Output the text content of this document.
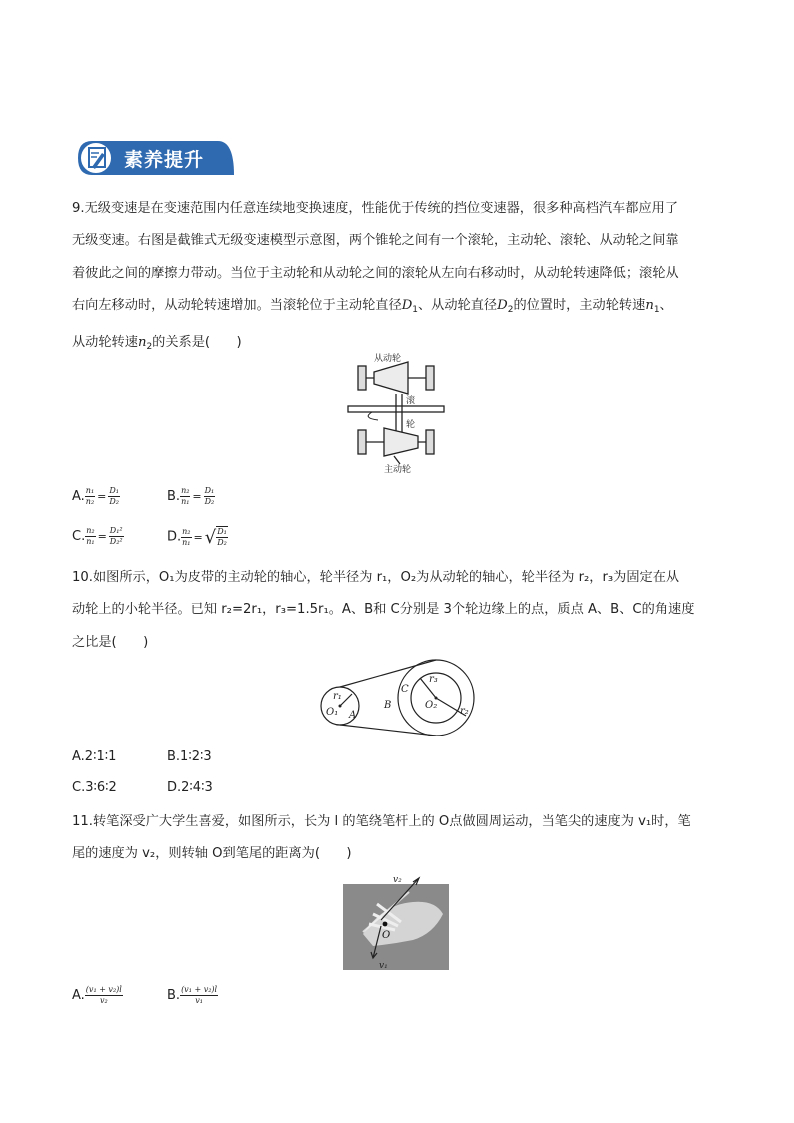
素养提升

9.无级变速是在变速范围内任意连续地变换速度，性能优于传统的挡位变速器，很多种高档汽车都应用了

无级变速。右图是截锥式无级变速模型示意图，两个锥轮之间有一个滚轮，主动轮、滚轮、从动轮之间靠

着彼此之间的摩擦力带动。当位于主动轮和从动轮之间的滚轮从左向右移动时，从动轮转速降低；滚轮从

右向左移动时，从动轮转速增加。当滚轮位于主动轮直径$D_1$、从动轮直径$D_2$的位置时，主动轮转速$n_1$、

从动轮转速$n_2$的关系是(　　)

从动轮
滚
轮
主动轮
A. $\frac{\text{n₁}}{\text{n₂}} = \frac{\text{D₁}}{\text{D₂}}$	B. $\frac{\text{n₂}}{\text{n₁}} = \frac{\text{D₁}}{\text{D₂}}$
C. $\frac{\text{n₂}}{\text{n₁}} = \frac{\text{D₁²}}{\text{D₂²}}$	D. $\frac{\text{n₂}}{\text{n₁}}$ = √ $\frac{\text{D₁}}{\text{D₂}}$

10.如图所示，O₁为皮带的主动轮的轴心，轮半径为 r₁，O₂为从动轮的轴心，轮半径为 r₂，r₃为固定在从

动轮上的小轮半径。已知 r₂=2r₁，r₃=1.5r₁。A、B和 C分别是 3个轮边缘上的点，质点 A、B、C的角速度

之比是(　　)

r₁
O₁ A
B
C
r₃
O₂
r₂
A.2∶1∶1	B.1∶2∶3
C.3∶6∶2	D.2∶4∶3

11.转笔深受广大学生喜爱，如图所示，长为 l 的笔绕笔杆上的 O点做圆周运动，当笔尖的速度为 v₁时，笔

尾的速度为 v₂，则转轴 O到笔尾的距离为(　　)

v₂
O
v₁
A. $\frac{\text{(v₁ + v₂)l}}{\text{v₂}}$	B. $\frac{\text{(v₁ + v₂)l}}{\text{v₁}}$
